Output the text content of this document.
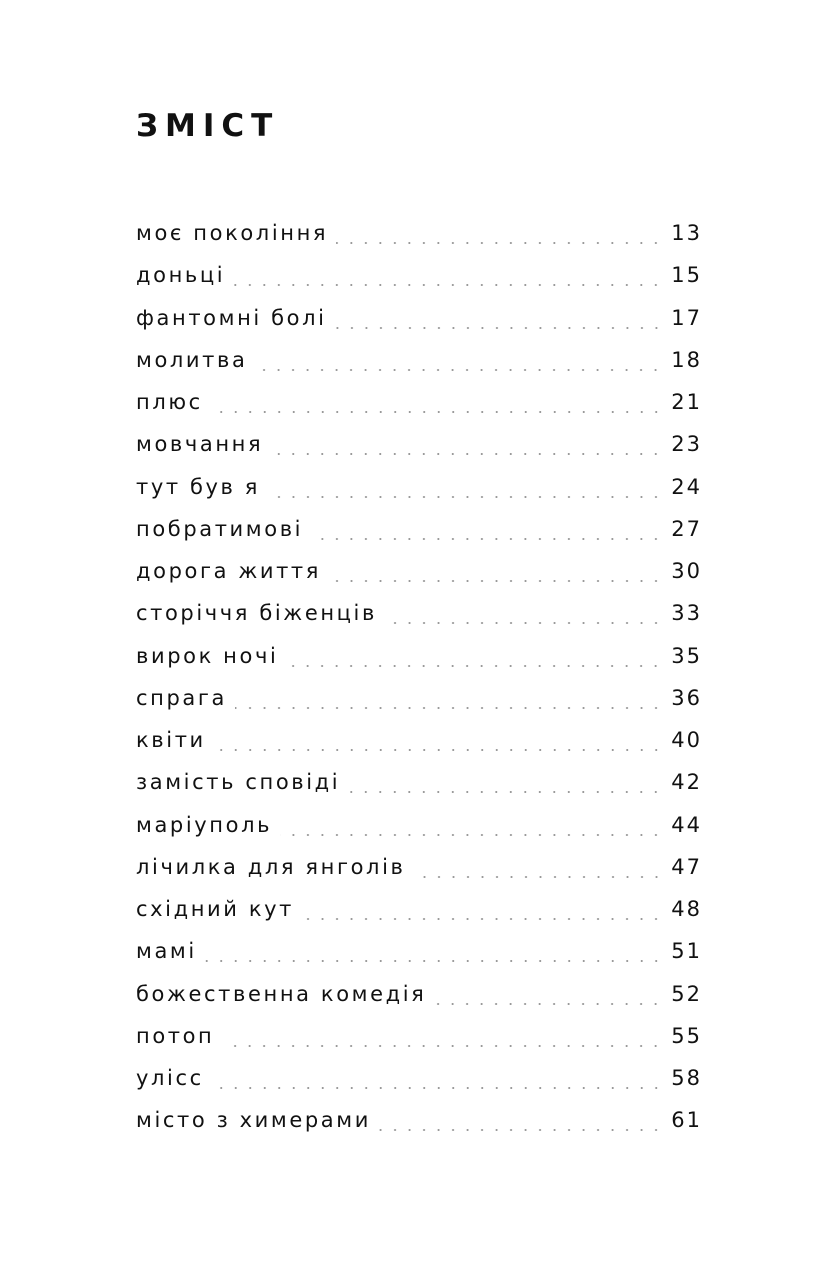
ЗМІСТ
моє покоління	13
доньці	15
фантомні болі	17
молитва	18
плюс	21
мовчання	23
тут був я	24
побратимові	27
дорога життя	30
сторіччя біженців	33
вирок ночі	35
спрага	36
квіти	40
замість сповіді	42
маріуполь	44
лічилка для янголів	47
східний кут	48
мамі	51
божественна комедія	52
потоп	55
улісс	58
місто з химерами	61
